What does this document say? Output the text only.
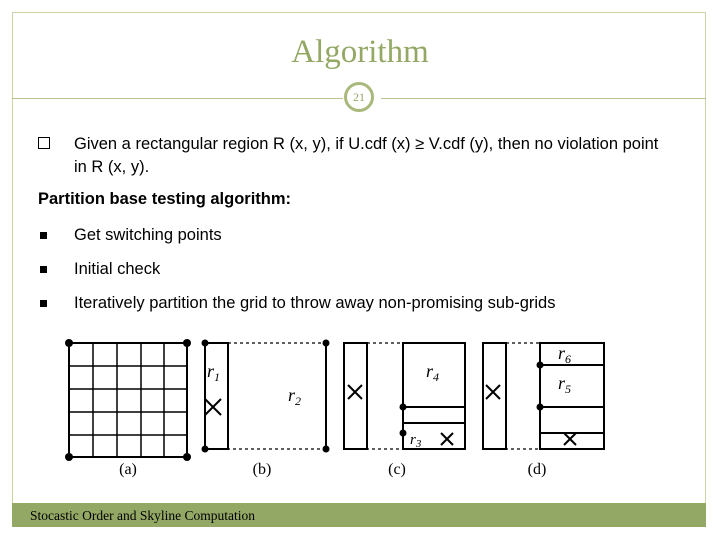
Algorithm
21
Given a rectangular region R (x, y), if U.cdf (x) ≥ V.cdf (y), then no violation point in R (x, y).
Partition base testing algorithm:
Get switching points
Initial check
Iteratively partition the grid to throw away non-promising sub-grids
$r_1$
$r_2$
$r_4$
$r_3$
$r_6$
$r_5$
(a)	(b)	(c)	(d)
Stocastic Order and Skyline Computation
